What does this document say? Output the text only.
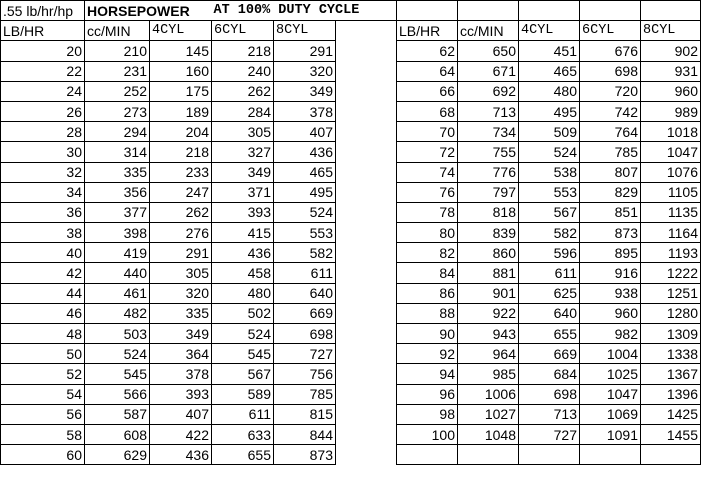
.55 lb/hr/hp	HORSEPOWER		AT 100% DUTY CYCLE							
LB/HR	cc/MIN	4CYL	6CYL	8CYL		LB/HR	cc/MIN	4CYL	6CYL	8CYL
20	210	145	218	291		62	650	451	676	902
22	231	160	240	320		64	671	465	698	931
24	252	175	262	349		66	692	480	720	960
26	273	189	284	378		68	713	495	742	989
28	294	204	305	407		70	734	509	764	1018
30	314	218	327	436		72	755	524	785	1047
32	335	233	349	465		74	776	538	807	1076
34	356	247	371	495		76	797	553	829	1105
36	377	262	393	524		78	818	567	851	1135
38	398	276	415	553		80	839	582	873	1164
40	419	291	436	582		82	860	596	895	1193
42	440	305	458	611		84	881	611	916	1222
44	461	320	480	640		86	901	625	938	1251
46	482	335	502	669		88	922	640	960	1280
48	503	349	524	698		90	943	655	982	1309
50	524	364	545	727		92	964	669	1004	1338
52	545	378	567	756		94	985	684	1025	1367
54	566	393	589	785		96	1006	698	1047	1396
56	587	407	611	815		98	1027	713	1069	1425
58	608	422	633	844		100	1048	727	1091	1455
60	629	436	655	873						
